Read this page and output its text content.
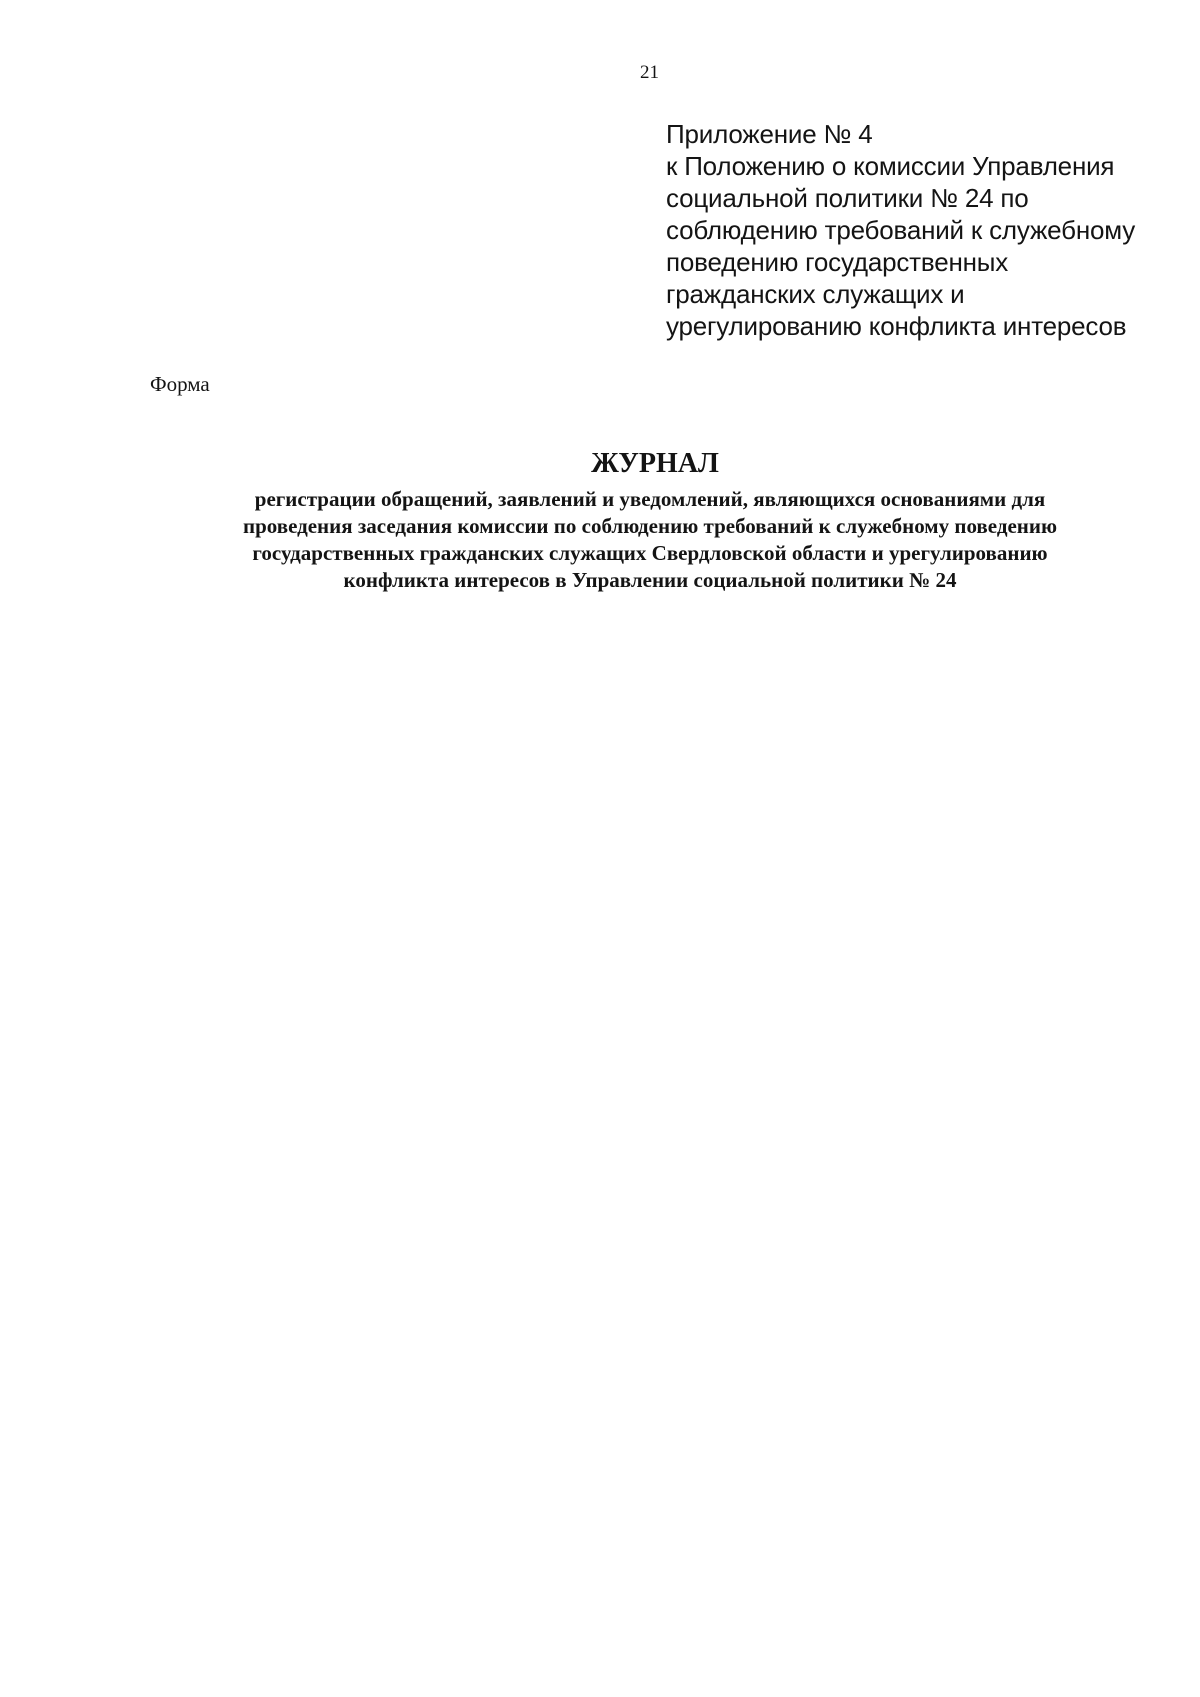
21
Приложение № 4
к Положению о комиссии Управления
социальной политики № 24 по
соблюдению требований к служебному
поведению государственных
гражданских служащих и
урегулированию конфликта интересов
Форма
ЖУРНАЛ
регистрации обращений, заявлений и уведомлений, являющихся основаниями для
проведения заседания комиссии по соблюдению требований к служебному поведению
государственных гражданских служащих Свердловской области и урегулированию
конфликта интересов в Управлении социальной политики № 24
